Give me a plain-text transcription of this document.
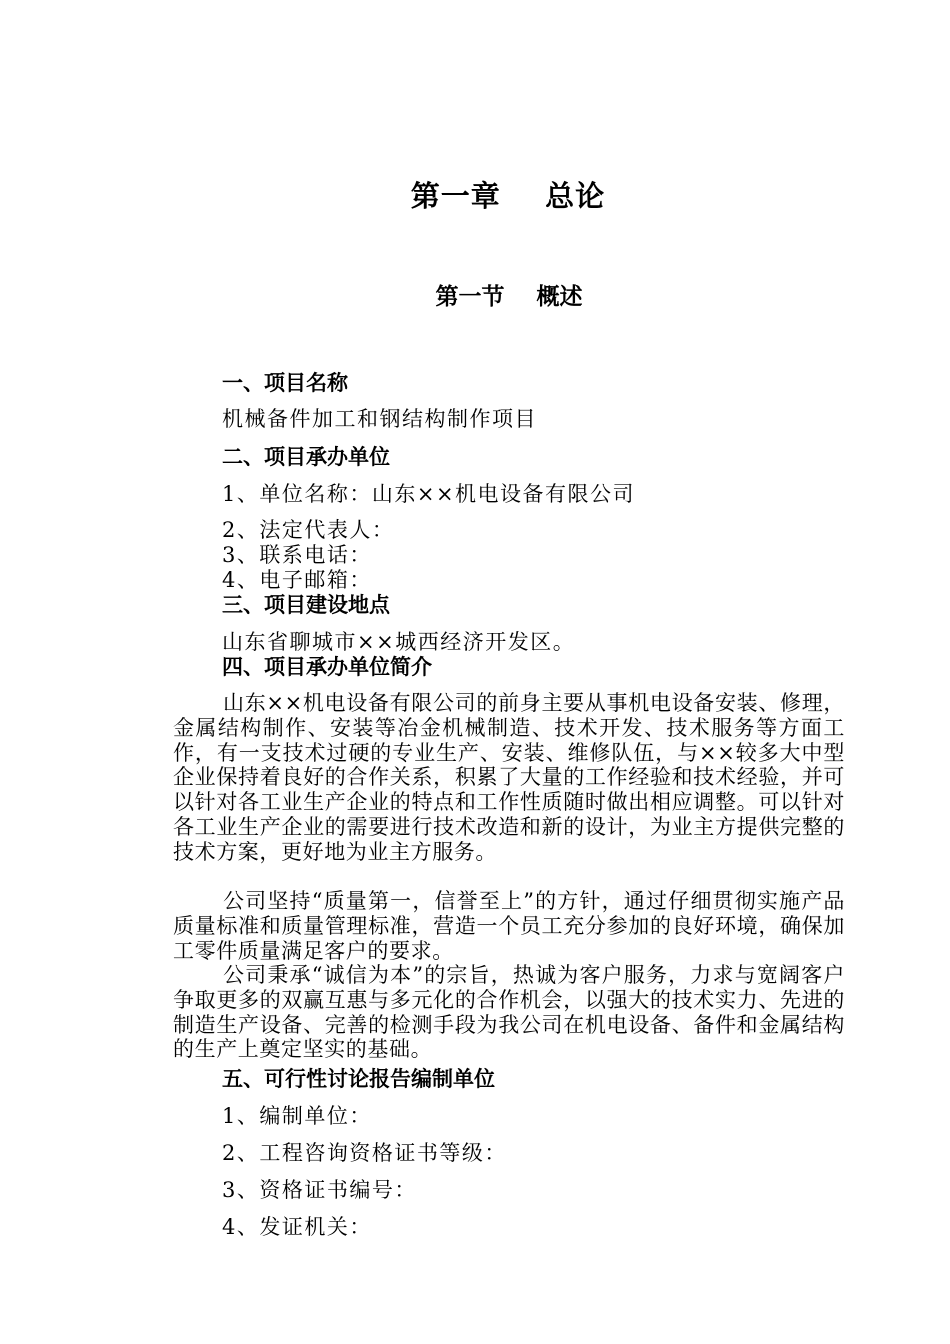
第一章    总论
第一节    概述
一、项目名称
机械备件加工和钢结构制作项目
二、项目承办单位
1、单位名称：山东××机电设备有限公司
2、法定代表人：
3、联系电话：
4、电子邮箱：
三、项目建设地点
山东省聊城市××城西经济开发区。
四、项目承办单位简介
山东××机电设备有限公司的前身主要从事机电设备安装、修理，金属结构制作、安装等冶金机械制造、技术开发、技术服务等方面工作，有一支技术过硬的专业生产、安装、维修队伍，与××较多大中型企业保持着良好的合作关系，积累了大量的工作经验和技术经验，并可以针对各工业生产企业的特点和工作性质随时做出相应调整。可以针对各工业生产企业的需要进行技术改造和新的设计，为业主方提供完整的技术方案，更好地为业主方服务。
公司坚持“质量第一，信誉至上”的方针，通过仔细贯彻实施产品质量标准和质量管理标准，营造一个员工充分参加的良好环境，确保加工零件质量满足客户的要求。
公司秉承“诚信为本”的宗旨，热诚为客户服务，力求与宽阔客户争取更多的双赢互惠与多元化的合作机会，以强大的技术实力、先进的制造生产设备、完善的检测手段为我公司在机电设备、备件和金属结构的生产上奠定坚实的基础。
五、可行性讨论报告编制单位
1、编制单位：
2、工程咨询资格证书等级：
3、资格证书编号：
4、发证机关：
